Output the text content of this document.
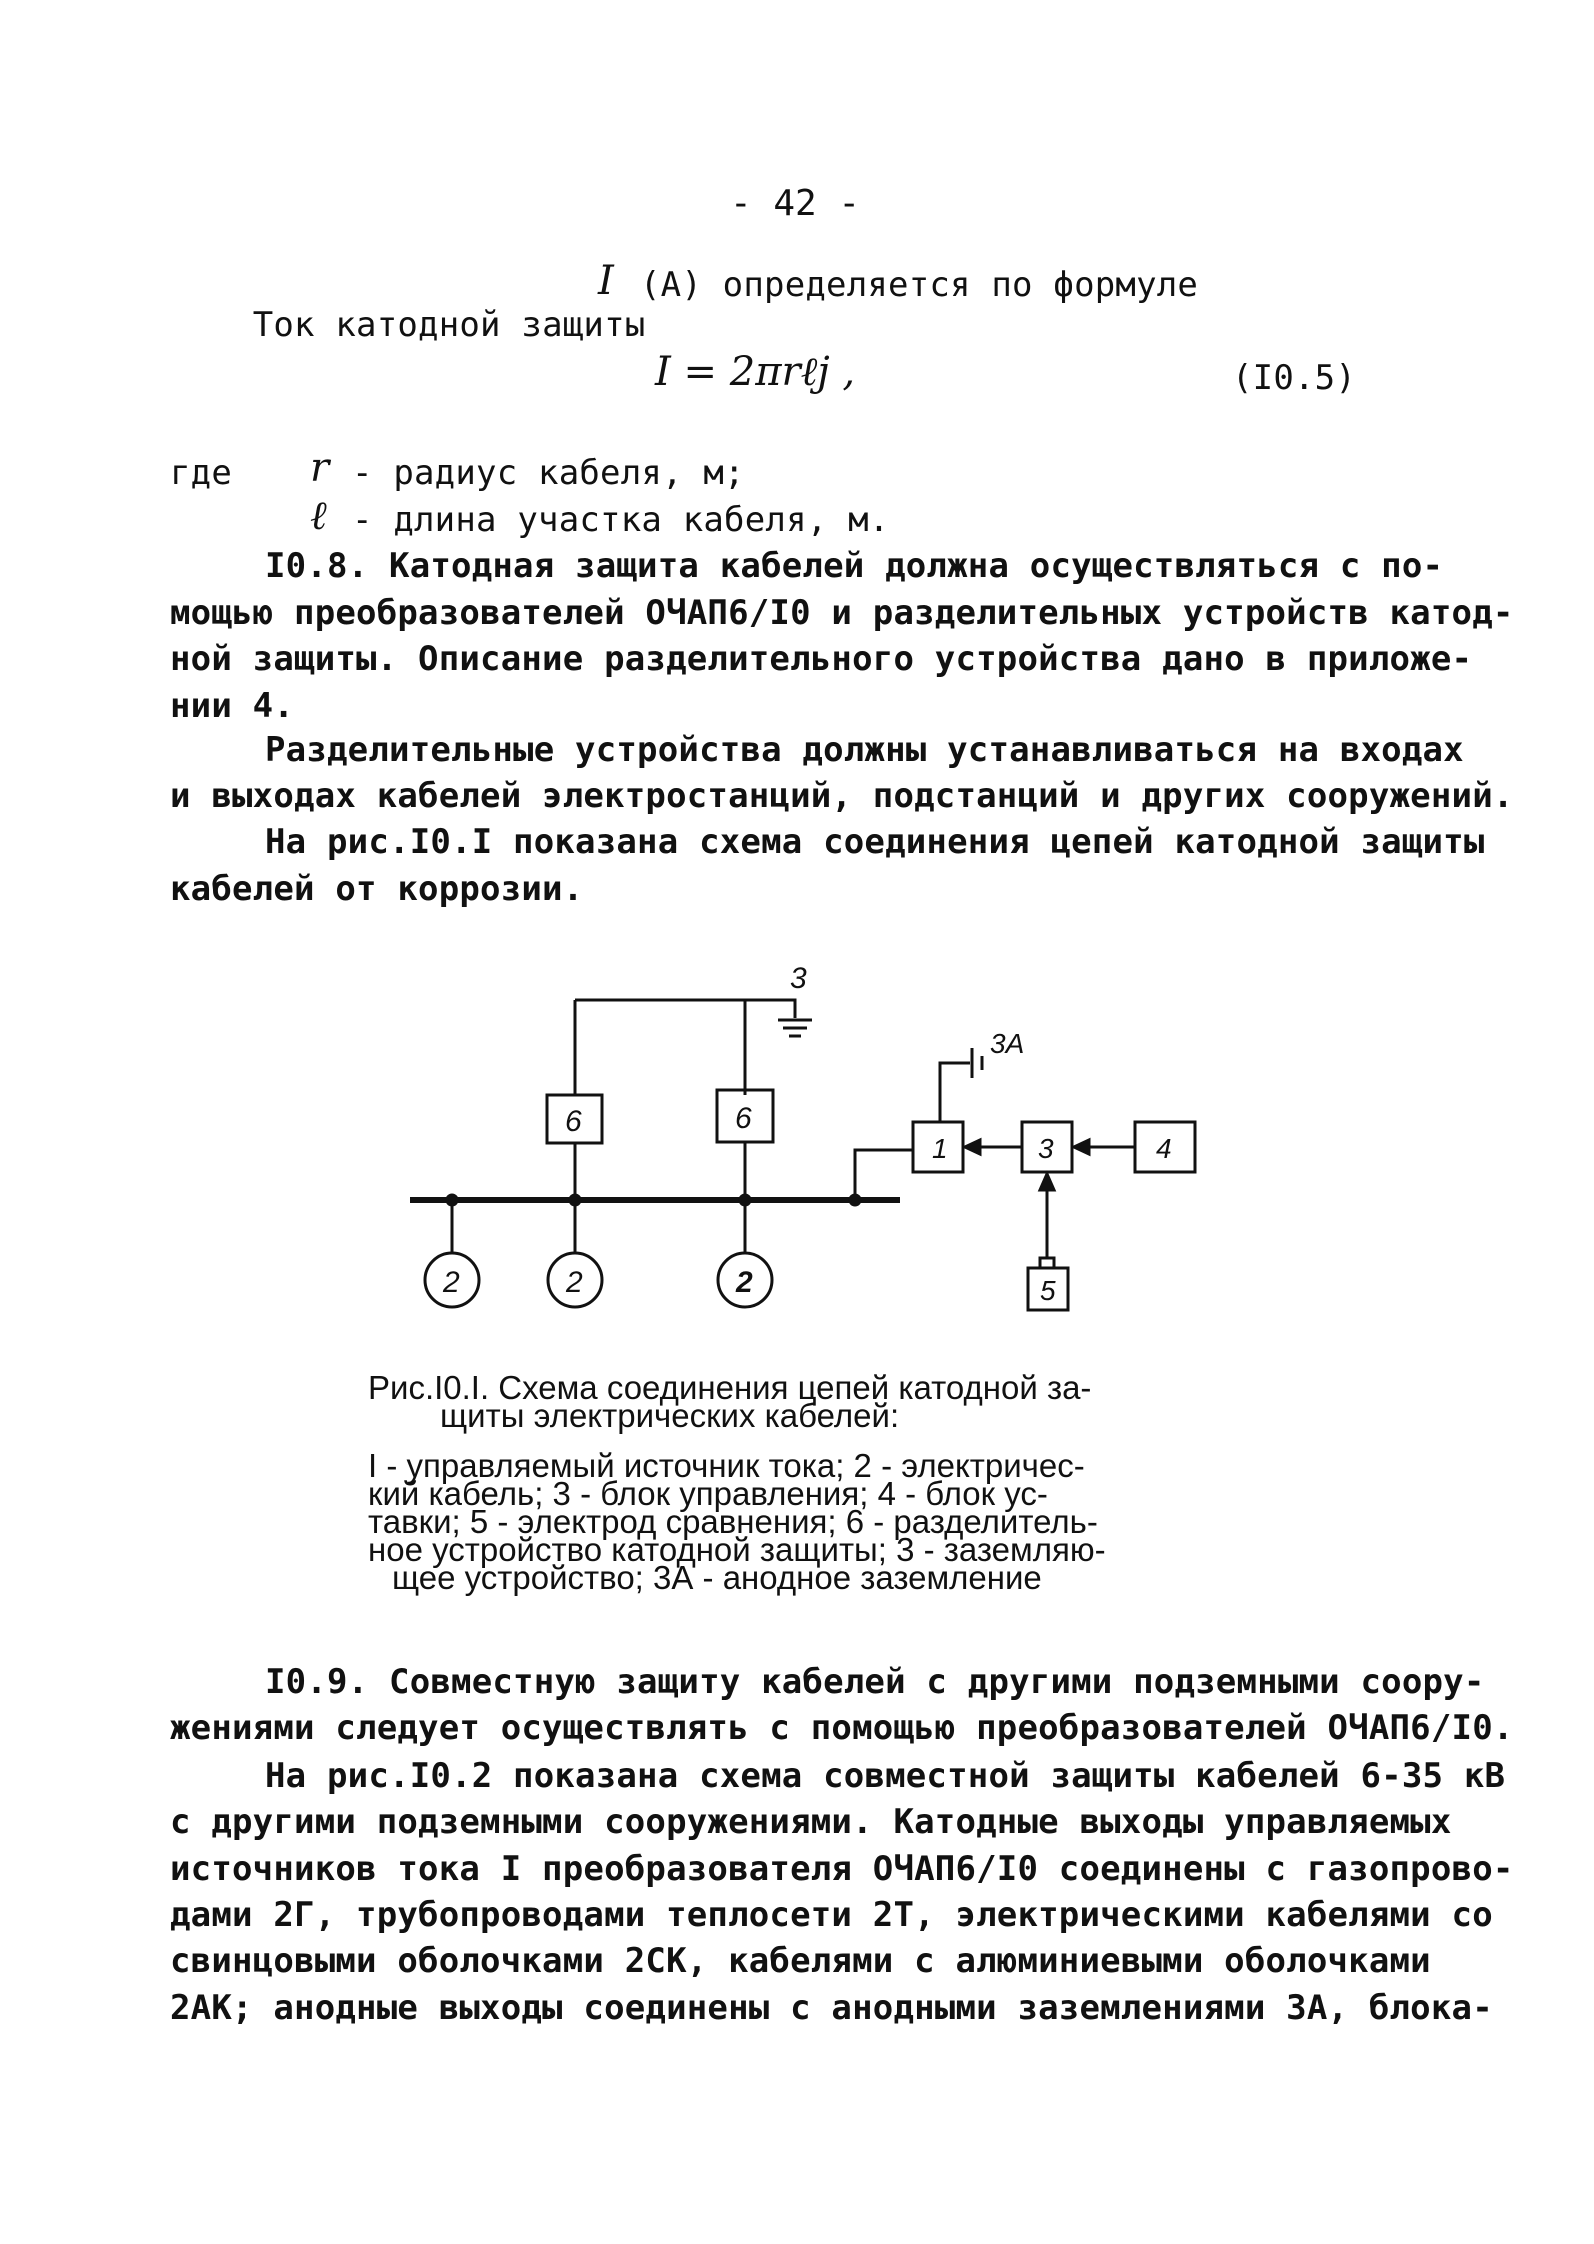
- 42 -

Ток катодной защиты

I (A) определяется по формуле
I = 2πrℓj ,	(I0.5)
где r - радиус кабеля, м;
ℓ - длина участка кабеля, м.
I0.8. Катодная защита кабелей должна осуществляться с по-
мощью преобразователей ОЧАП6/I0 и разделительных устройств катод-
ной защиты. Описание разделительного устройства дано в приложе-
нии 4.
Разделительные устройства должны устанавливаться на входах
и выходах кабелей электростанций, подстанций и других сооружений.
На рис.I0.I показана схема соединения цепей катодной защиты
кабелей от коррозии.
3
6	6
2	2	2
1
3A
3	4
5
Рис.I0.I. Схема соединения цепей катодной за-
щиты электрических кабелей:
I - управляемый источник тока; 2 - электричес-
кий кабель; 3 - блок управления; 4 - блок ус-
тавки; 5 - электрод сравнения; 6 - разделитель-
ное устройство катодной защиты; 3 - заземляю-
щее устройство; 3А - анодное заземление
I0.9. Совместную защиту кабелей с другими подземными соору-
жениями следует осуществлять с помощью преобразователей ОЧАП6/I0.
На рис.I0.2 показана схема совместной защиты кабелей 6-35 кВ
с другими подземными сооружениями. Катодные выходы управляемых
источников тока I преобразователя ОЧАП6/I0 соединены с газопрово-
дами 2Г, трубопроводами теплосети 2Т, электрическими кабелями со
свинцовыми оболочками 2СК, кабелями с алюминиевыми оболочками
2АК; анодные выходы соединены с анодными заземлениями 3А, блока-
